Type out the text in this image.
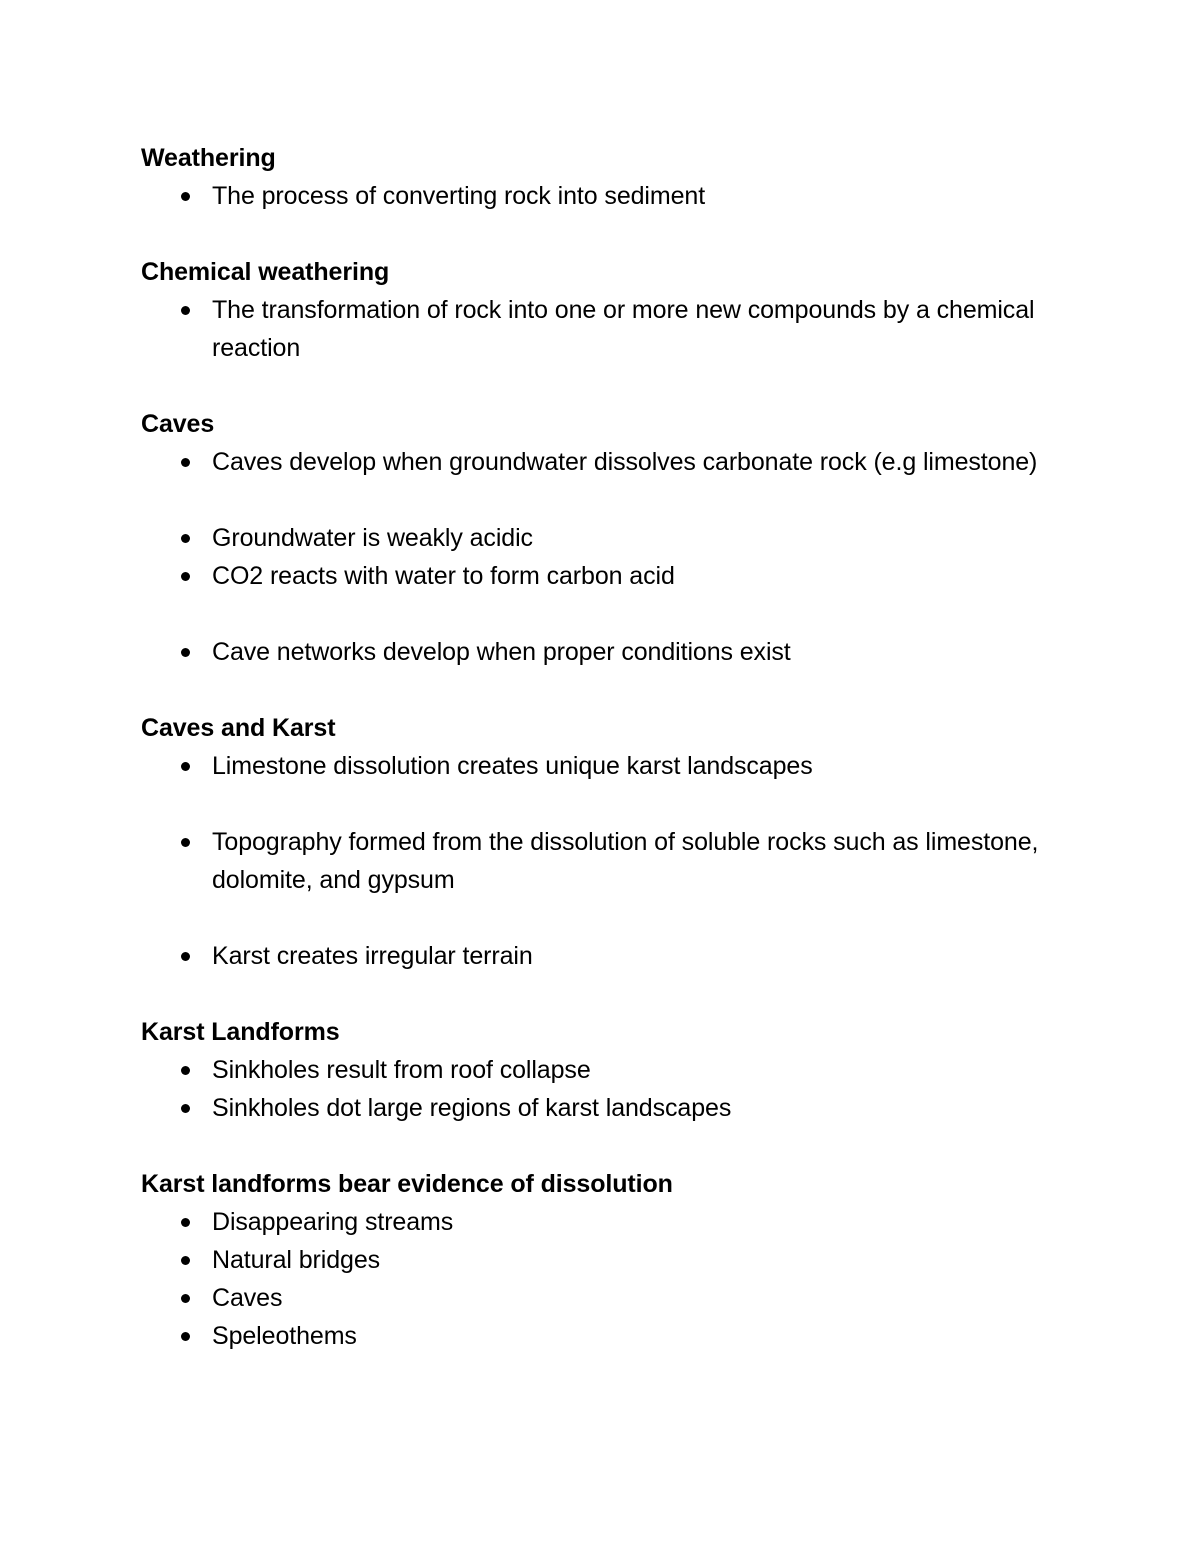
Weathering

The process of converting rock into sediment

Chemical weathering

The transformation of rock into one or more new compounds by a chemical reaction

Caves

Caves develop when groundwater dissolves carbonate rock (e.g limestone)
Groundwater is weakly acidic
CO2 reacts with water to form carbon acid
Cave networks develop when proper conditions exist

Caves and Karst

Limestone dissolution creates unique karst landscapes
Topography formed from the dissolution of soluble rocks such as limestone, dolomite, and gypsum
Karst creates irregular terrain

Karst Landforms

Sinkholes result from roof collapse
Sinkholes dot large regions of karst landscapes

Karst landforms bear evidence of dissolution

Disappearing streams
Natural bridges
Caves
Speleothems
